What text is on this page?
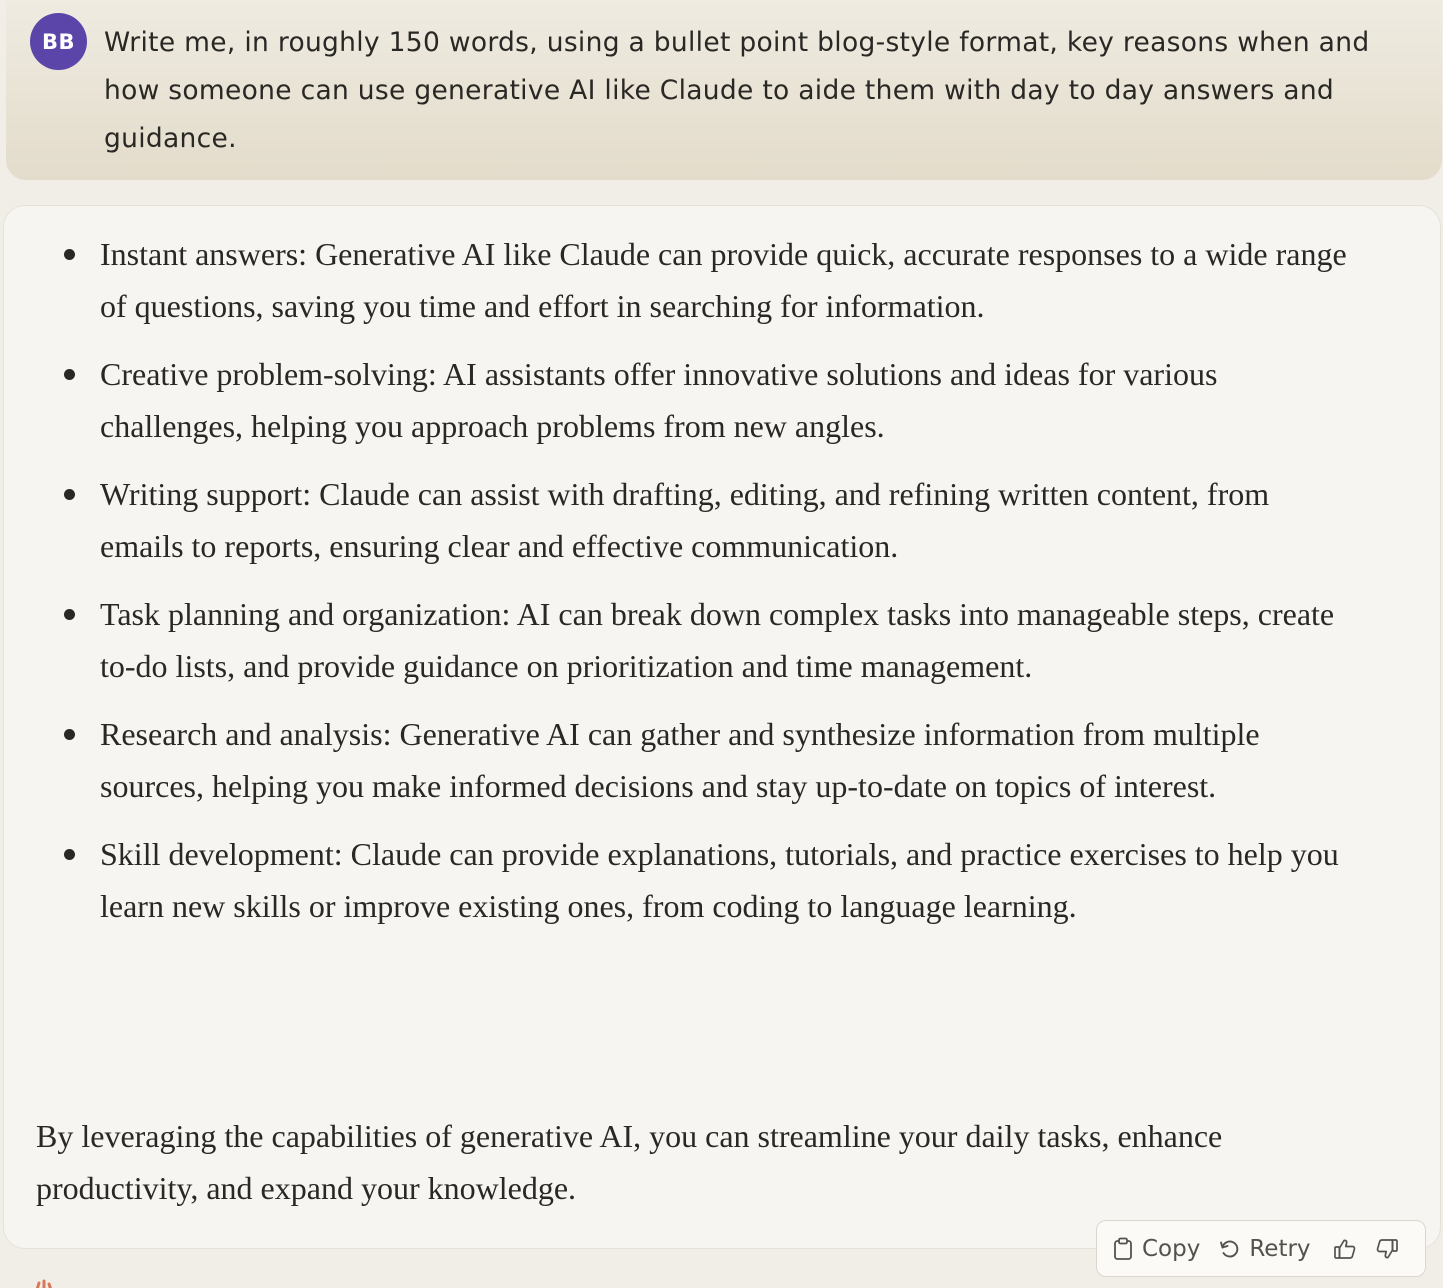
BB	Write me, in roughly 150 words, using a bullet point blog-style format, key reasons when and how someone can use generative AI like Claude to aide them with day to day answers and guidance.

Instant answers: Generative AI like Claude can provide quick, accurate responses to a wide range of questions, saving you time and effort in searching for information.
Creative problem-solving: AI assistants offer innovative solutions and ideas for various challenges, helping you approach problems from new angles.
Writing support: Claude can assist with drafting, editing, and refining written content, from emails to reports, ensuring clear and effective communication.
Task planning and organization: AI can break down complex tasks into manageable steps, create to-do lists, and provide guidance on prioritization and time management.
Research and analysis: Generative AI can gather and synthesize information from multiple sources, helping you make informed decisions and stay up-to-date on topics of interest.
Skill development: Claude can provide explanations, tutorials, and practice exercises to help you learn new skills or improve existing ones, from coding to language learning.

By leveraging the capabilities of generative AI, you can streamline your daily tasks, enhance productivity, and expand your knowledge.

Copy Retry
